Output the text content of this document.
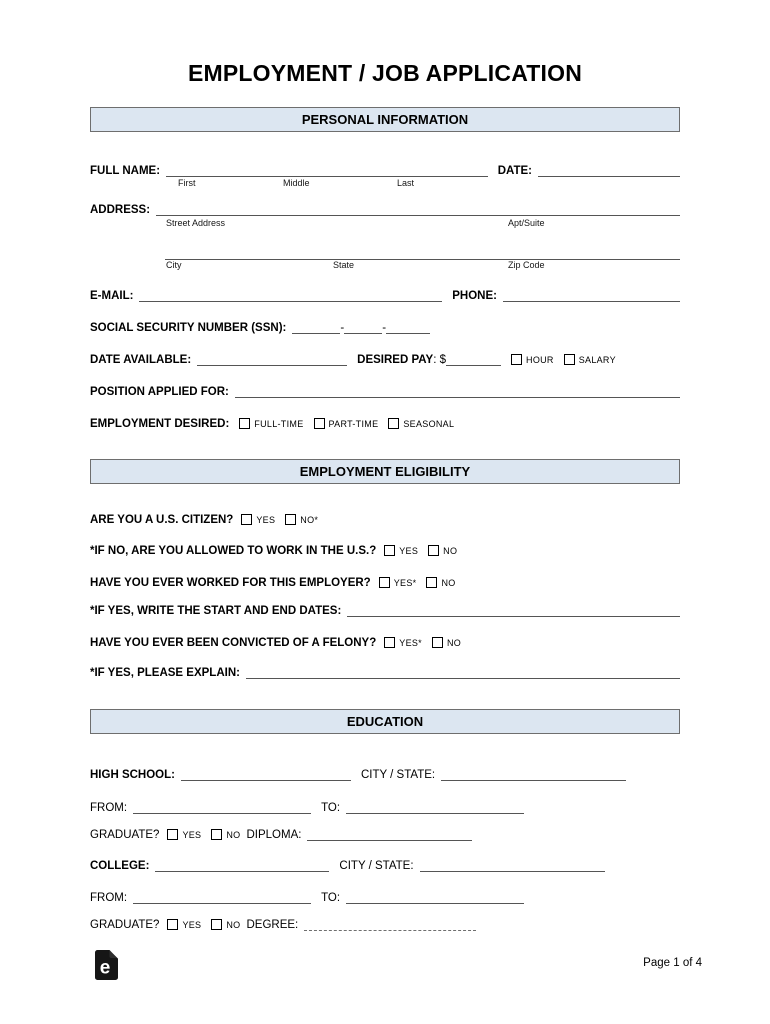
EMPLOYMENT / JOB APPLICATION
PERSONAL INFORMATION
FULL NAME:	DATE:
First	Middle	Last
ADDRESS:
Street Address	Apt/Suite
City	State	Zip Code
E-MAIL:	PHONE:
SOCIAL SECURITY NUMBER (SSN):	-	-
DATE AVAILABLE:	DESIRED PAY : $	HOUR	SALARY
POSITION APPLIED FOR:
EMPLOYMENT DESIRED:	FULL-TIME	PART-TIME	SEASONAL
EMPLOYMENT ELIGIBILITY
ARE YOU A U.S. CITIZEN?	YES	NO*
*IF NO, ARE YOU ALLOWED TO WORK IN THE U.S.?	YES	NO
HAVE YOU EVER WORKED FOR THIS EMPLOYER?	YES*	NO
*IF YES, WRITE THE START AND END DATES:
HAVE YOU EVER BEEN CONVICTED OF A FELONY?	YES*	NO
*IF YES, PLEASE EXPLAIN:
EDUCATION
HIGH SCHOOL:	CITY / STATE:
FROM:	TO:
GRADUATE?	YES	NO DIPLOMA:
COLLEGE:	CITY / STATE:
FROM:	TO:
GRADUATE?	YES	NO DEGREE:
e	Page 1 of 4
